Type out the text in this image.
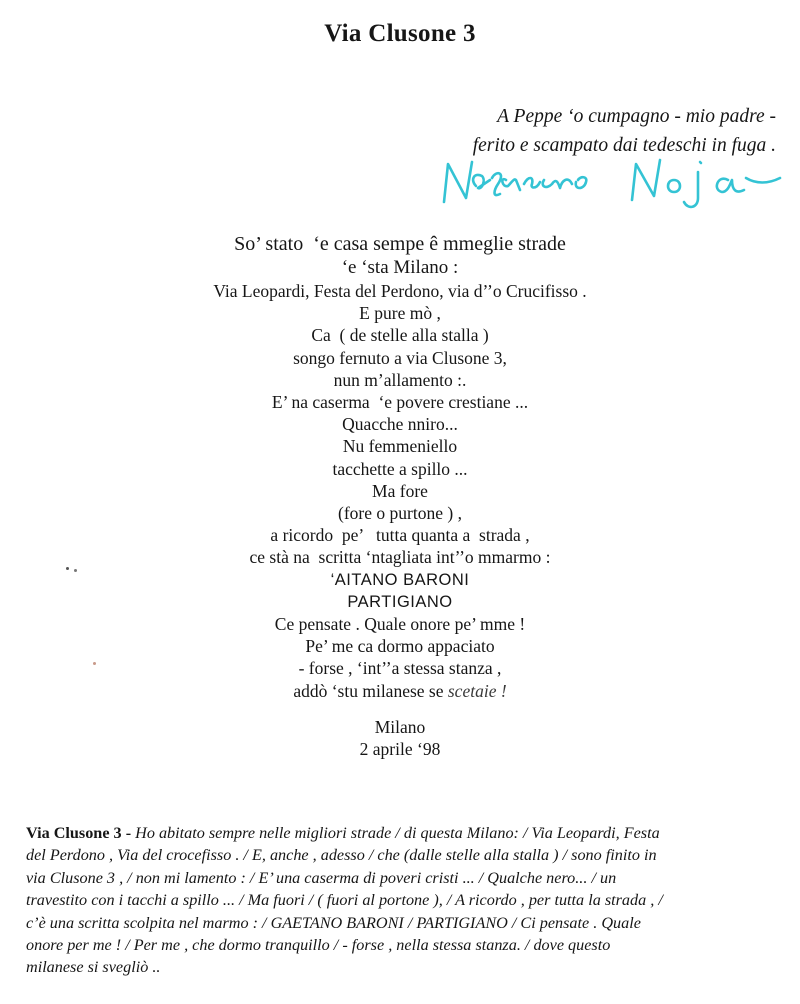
Via Clusone 3
A Peppe ‘o cumpagno - mio padre -
ferito e scampato dai tedeschi in fuga .
So’ stato  ‘e casa sempe ê mmeglie strade
‘e ‘sta Milano :
Via Leopardi, Festa del Perdono, via d’’o Crucifisso .
E pure mò ,
Ca  ( de stelle alla stalla )
songo fernuto a via Clusone 3,
nun m’allamento :.
E’ na caserma  ‘e povere crestiane ...
Quacche nniro...
Nu femmeniello
tacchette a spillo ...
Ma fore
(fore o purtone ) ,
a ricordo  pe’   tutta quanta a  strada ,
ce stà na  scritta ‘ntagliata int’’o mmarmo :
‘AITANO BARONI
PARTIGIANO
Ce pensate . Quale onore pe’ mme !
Pe’ me ca dormo appaciato
- forse , ‘int’’a stessa stanza ,
addò ‘stu milanese se scetaie !
Milano
2 aprile ‘98
Via Clusone 3 - Ho abitato sempre nelle migliori strade / di questa Milano: / Via Leopardi, Festa
del Perdono , Via del crocefisso . / E, anche , adesso / che (dalle stelle alla stalla ) / sono finito in
via Clusone 3 , / non mi lamento : / E’ una caserma di poveri cristi ... / Qualche nero... / un
travestito con i tacchi a spillo ... / Ma fuori / ( fuori al portone ), / A ricordo , per tutta la strada , /
c’è una scritta scolpita nel marmo : / GAETANO BARONI / PARTIGIANO / Ci pensate . Quale
onore per me ! / Per me , che dormo tranquillo / - forse , nella stessa stanza. / dove questo
milanese si svegliò ..
